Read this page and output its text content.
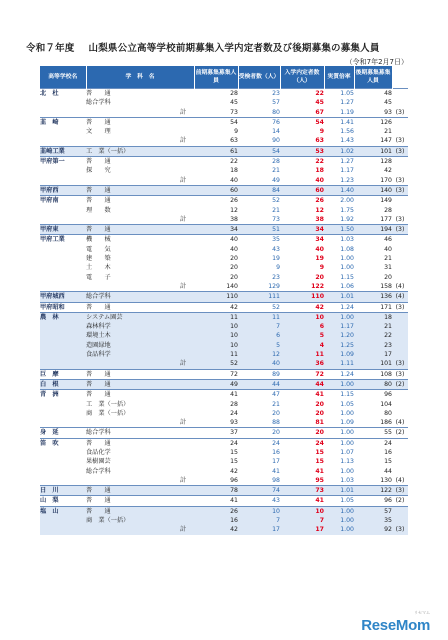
令和７年度 山梨県公立高等学校前期募集入学内定者数及び後期募集の募集人員
（令和7年2月7日）
高等学校名	学　科　名	前期募集募集人員	受検者数（人）	入学内定者数（人）	実質倍率	後期募集募集人員	
北　杜	普　　通	28	23	22	1.05	48	
	総合学科	45	57	45	1.27	45	
	計	73	80	67	1.19	93	(3)
韮　崎	普　　通	54	76	54	1.41	126	
	文　　理	9	14	9	1.56	21	
	計	63	90	63	1.43	147	(3)
韮崎工業	工　業（一括）	61	54	53	1.02	101	(3)
甲府第一	普　　通	22	28	22	1.27	128	
	探　　究	18	21	18	1.17	42	
	計	40	49	40	1.23	170	(3)
甲府西	普　　通	60	84	60	1.40	140	(3)
甲府南	普　　通	26	52	26	2.00	149	
	理　　数	12	21	12	1.75	28	
	計	38	73	38	1.92	177	(3)
甲府東	普　　通	34	51	34	1.50	194	(3)
甲府工業	機　　械	40	35	34	1.03	46	
	電　　気	40	43	40	1.08	40	
	建　　築	20	19	19	1.00	21	
	土　　木	20	9	9	1.00	31	
	電　　子	20	23	20	1.15	20	
	計	140	129	122	1.06	158	(4)
甲府城西	総合学科	110	111	110	1.01	136	(4)
甲府昭和	普　　通	42	52	42	1.24	171	(3)
農　林	システム園芸	11	11	10	1.00	18	
	森林科学	10	7	6	1.17	21	
	環境土木	10	6	5	1.20	22	
	造園緑地	10	5	4	1.25	23	
	食品科学	11	12	11	1.09	17	
	計	52	40	36	1.11	101	(3)
巨　摩	普　　通	72	89	72	1.24	108	(3)
白　根	普　　通	49	44	44	1.00	80	(2)
青　洲	普　　通	41	47	41	1.15	96	
	工　業（一括）	28	21	20	1.05	104	
	商　業（一括）	24	20	20	1.00	80	
	計	93	88	81	1.09	186	(4)
身　延	総合学科	37	20	20	1.00	55	(2)
笛　吹	普　　通	24	24	24	1.00	24	
	食品化学	15	16	15	1.07	16	
	果樹園芸	15	17	15	1.13	15	
	総合学科	42	41	41	1.00	44	
	計	96	98	95	1.03	130	(4)
日　川	普　　通	78	74	73	1.01	122	(3)
山　梨	普　　通	41	43	41	1.05	96	(2)
塩　山	普　　通	26	10	10	1.00	57	
	商　業（一括）	16	7	7	1.00	35	
	計	42	17	17	1.00	92	(3)
リセマム
ReseMom
